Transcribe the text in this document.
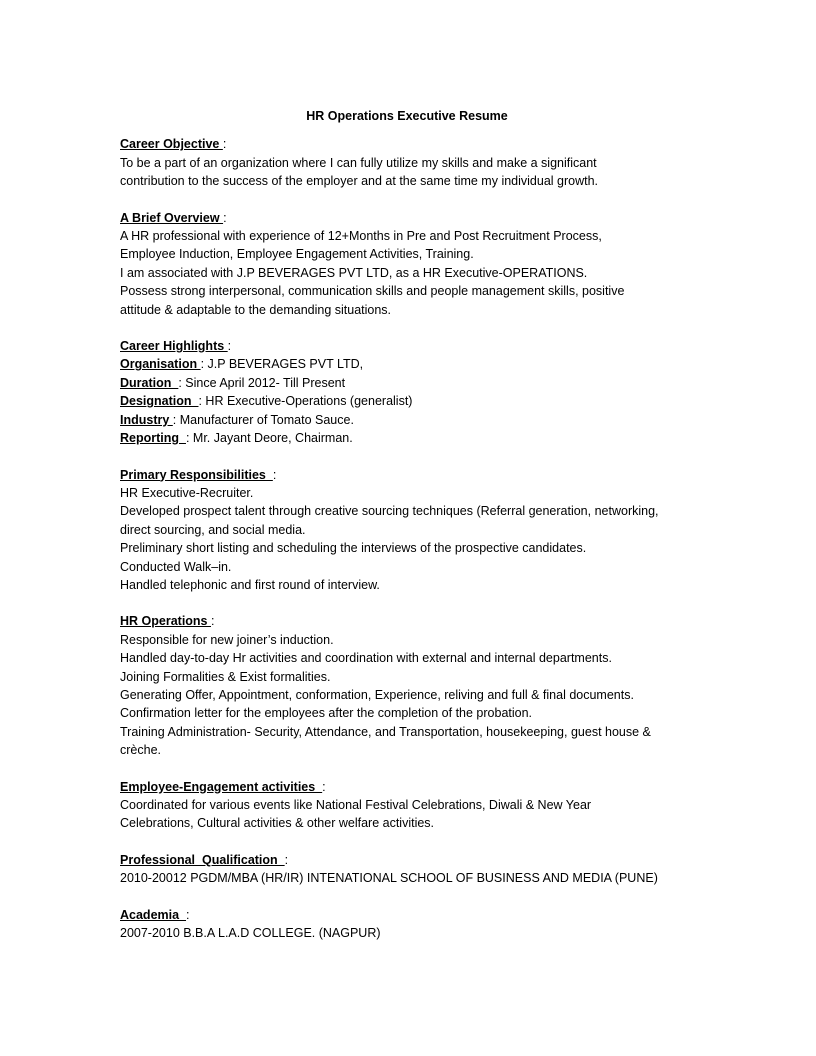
HR Operations Executive Resume
Career Objective :
To be a part of an organization where I can fully utilize my skills and make a significant
contribution to the success of the employer and at the same time my individual growth.
A Brief Overview :
A HR professional with experience of 12+Months in Pre and Post Recruitment Process,
Employee Induction, Employee Engagement Activities, Training.
I am associated with J.P BEVERAGES PVT LTD, as a HR Executive-OPERATIONS.
Possess strong interpersonal, communication skills and people management skills, positive
attitude & adaptable to the demanding situations.
Career Highlights :
Organisation : J.P BEVERAGES PVT LTD,
Duration  : Since April 2012- Till Present
Designation  : HR Executive-Operations (generalist)
Industry : Manufacturer of Tomato Sauce.
Reporting  : Mr. Jayant Deore, Chairman.
Primary Responsibilities  :
HR Executive-Recruiter.
Developed prospect talent through creative sourcing techniques (Referral generation, networking,
direct sourcing, and social media.
Preliminary short listing and scheduling the interviews of the prospective candidates.
Conducted Walk–in.
Handled telephonic and first round of interview.
HR Operations :
Responsible for new joiner’s induction.
Handled day-to-day Hr activities and coordination with external and internal departments.
Joining Formalities & Exist formalities.
Generating Offer, Appointment, conformation, Experience, reliving and full & final documents.
Confirmation letter for the employees after the completion of the probation.
Training Administration- Security, Attendance, and Transportation, housekeeping, guest house &
crèche.
Employee-Engagement activities  :
Coordinated for various events like National Festival Celebrations, Diwali & New Year
Celebrations, Cultural activities & other welfare activities.
Professional  Qualification  :
2010-20012 PGDM/MBA (HR/IR) INTENATIONAL SCHOOL OF BUSINESS AND MEDIA (PUNE)
Academia  :
2007-2010 B.B.A L.A.D COLLEGE. (NAGPUR)
